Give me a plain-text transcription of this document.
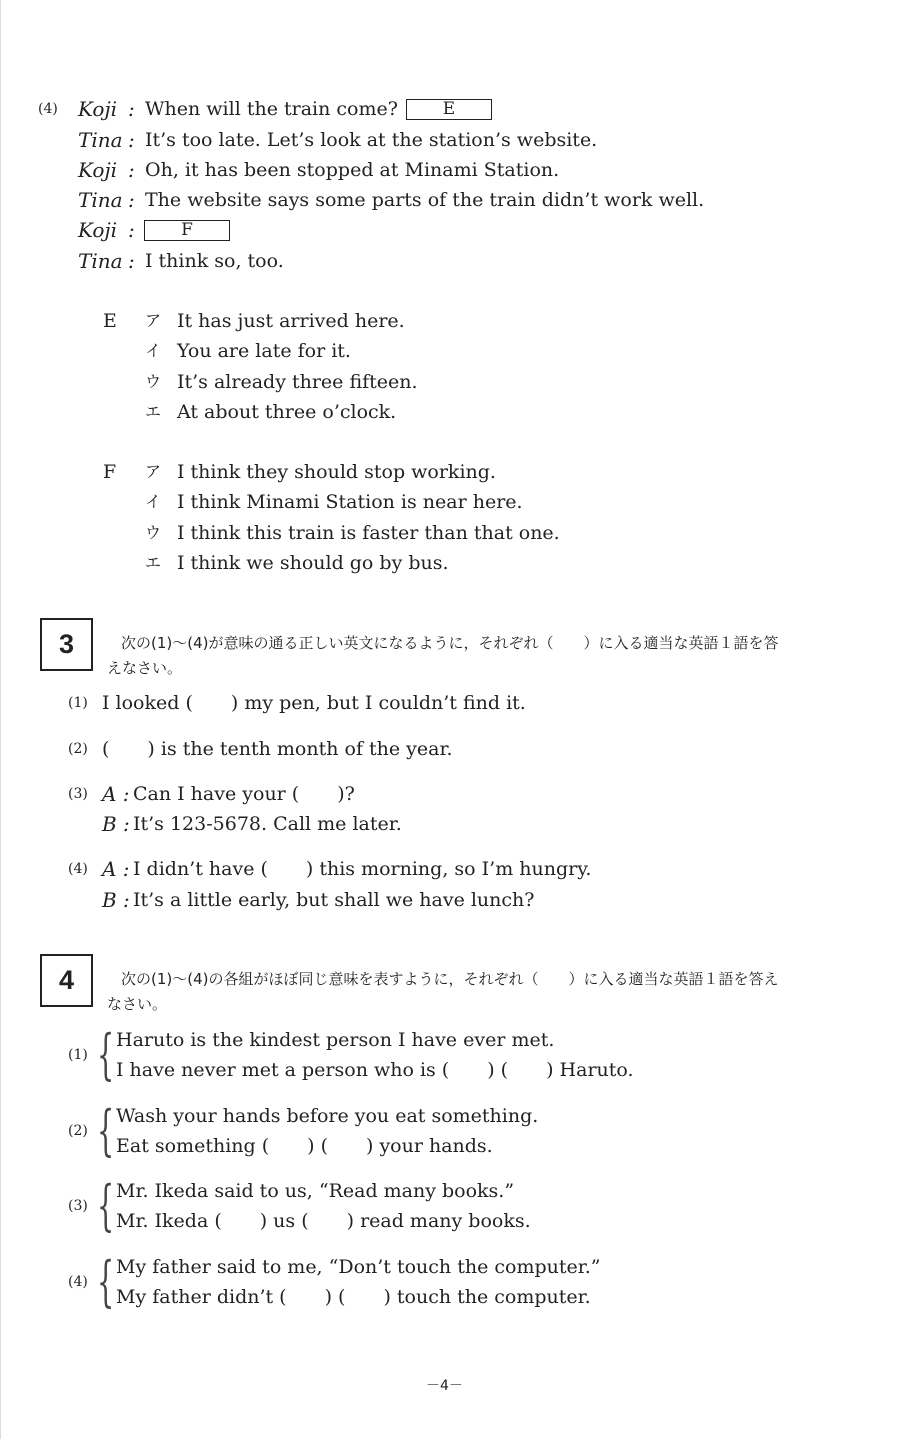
(4) Koji : When will the train come?	E
Tina : It’s too late. Let’s look at the station’s website.
Koji : Oh, it has been stopped at Minami Station.
Tina : The website says some parts of the train didn’t work well.
Koji :	F
Tina : I think so, too.
E ア It has just arrived here.
イ You are late for it.
ウ It’s already three fifteen.
エ At about three o’clock.
F ア I think they should stop working.
イ I think Minami Station is near here.
ウ I think this train is faster than that one.
エ I think we should go by bus.
3	次の(1)～(4)が意味の通る正しい英文になるように，それぞれ（　　）に入る適当な英語１語を答
えなさい。
(1) I looked (　　) my pen, but I couldn’t find it.
(2) (　　) is the tenth month of the year.
(3) A : Can I have your (　　)?
B : It’s 123-5678. Call me later.
(4) A : I didn’t have (　　) this morning, so I’m hungry.
B : It’s a little early, but shall we have lunch?
4	次の(1)～(4)の各組がほぼ同じ意味を表すように，それぞれ（　　）に入る適当な英語１語を答え
なさい。
(1) { Haruto is the kindest person I have ever met.
I have never met a person who is (　　) (　　) Haruto.
(2) { Wash your hands before you eat something.
Eat something (　　) (　　) your hands.
(3) { Mr. Ikeda said to us, “Read many books.”
Mr. Ikeda (　　) us (　　) read many books.
(4) { My father said to me, “Don’t touch the computer.”
My father didn’t (　　) (　　) touch the computer.
－4－
